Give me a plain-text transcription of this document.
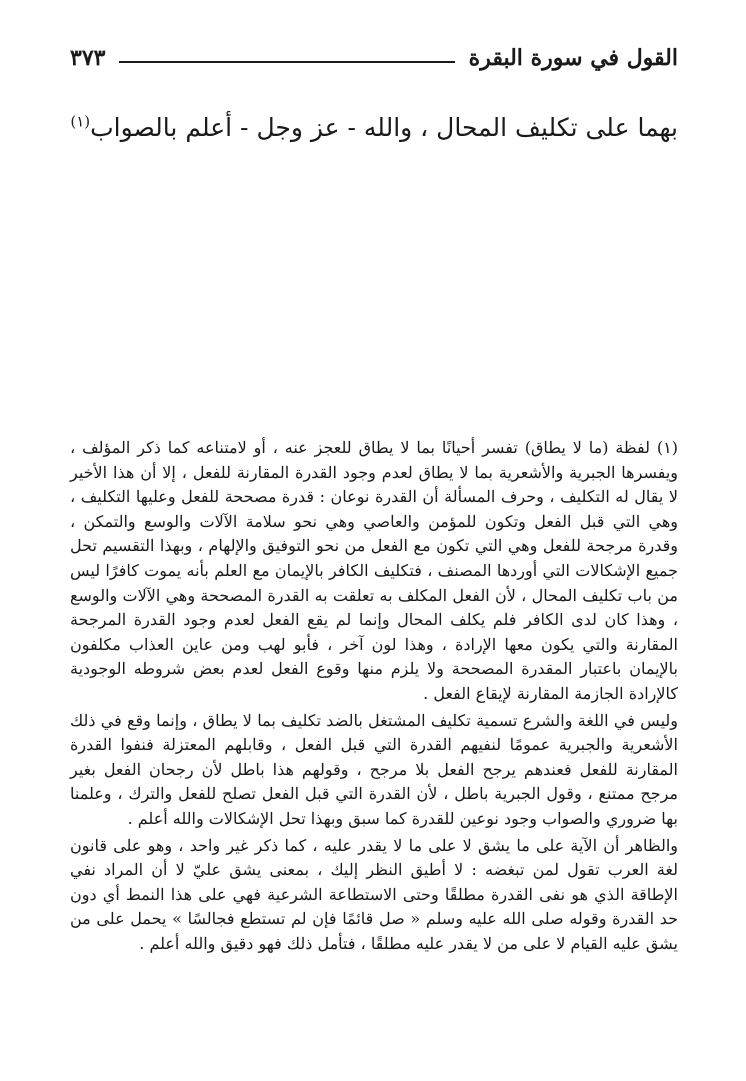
القول في سورة البقرة
٣٧٣
بهما على تكليف المحال ، والله - عز وجل - أعلم بالصواب$^{(١)}$

(١) لفظة (ما لا يطاق) تفسر أحيانًا بما لا يطاق للعجز عنه ، أو لامتناعه كما ذكر المؤلف ، ويفسرها الجبرية والأشعرية بما لا يطاق لعدم وجود القدرة المقارنة للفعل ، إلا أن هذا الأخير لا يقال له التكليف ، وحرف المسألة أن القدرة نوعان : قدرة مصححة للفعل وعليها التكليف ، وهي التي قبل الفعل وتكون للمؤمن والعاصي وهي نحو سلامة الآلات والوسع والتمكن ، وقدرة مرجحة للفعل وهي التي تكون مع الفعل من نحو التوفيق والإلهام ، وبهذا التقسيم تحل جميع الإشكالات التي أوردها المصنف ، فتكليف الكافر بالإيمان مع العلم بأنه يموت كافرًا ليس من باب تكليف المحال ، لأن الفعل المكلف به تعلقت به القدرة المصححة وهي الآلات والوسع ، وهذا كان لدى الكافر فلم يكلف المحال وإنما لم يقع الفعل لعدم وجود القدرة المرجحة المقارنة والتي يكون معها الإرادة ، وهذا لون آخر ، فأبو لهب ومن عاين العذاب مكلفون بالإيمان باعتبار المقدرة المصححة ولا يلزم منها وقوع الفعل لعدم بعض شروطه الوجودية كالإرادة الجازمة المقارنة لإيقاع الفعل .

وليس في اللغة والشرع تسمية تكليف المشتغل بالضد تكليف بما لا يطاق ، وإنما وقع في ذلك الأشعرية والجبرية عمومًا لنفيهم القدرة التي قبل الفعل ، وقابلهم المعتزلة فنفوا القدرة المقارنة للفعل فعندهم يرجح الفعل بلا مرجح ، وقولهم هذا باطل لأن رجحان الفعل بغير مرجح ممتنع ، وقول الجبرية باطل ، لأن القدرة التي قبل الفعل تصلح للفعل والترك ، وعلمنا بها ضروري والصواب وجود نوعين للقدرة كما سبق وبهذا تحل الإشكالات والله أعلم .

والظاهر أن الآية على ما يشق لا على ما لا يقدر عليه ، كما ذكر غير واحد ، وهو على قانون لغة العرب تقول لمن تبغضه : لا أطيق النظر إليك ، بمعنى يشق عليّ لا أن المراد نفي الإطاقة الذي هو نفى القدرة مطلقًا وحتى الاستطاعة الشرعية فهي على هذا النمط أي دون حد القدرة وقوله صلى الله عليه وسلم « صل قائمًا فإن لم تستطع فجالسًا » يحمل على من يشق عليه القيام لا على من لا يقدر عليه مطلقًا ، فتأمل ذلك فهو دقيق والله أعلم .
